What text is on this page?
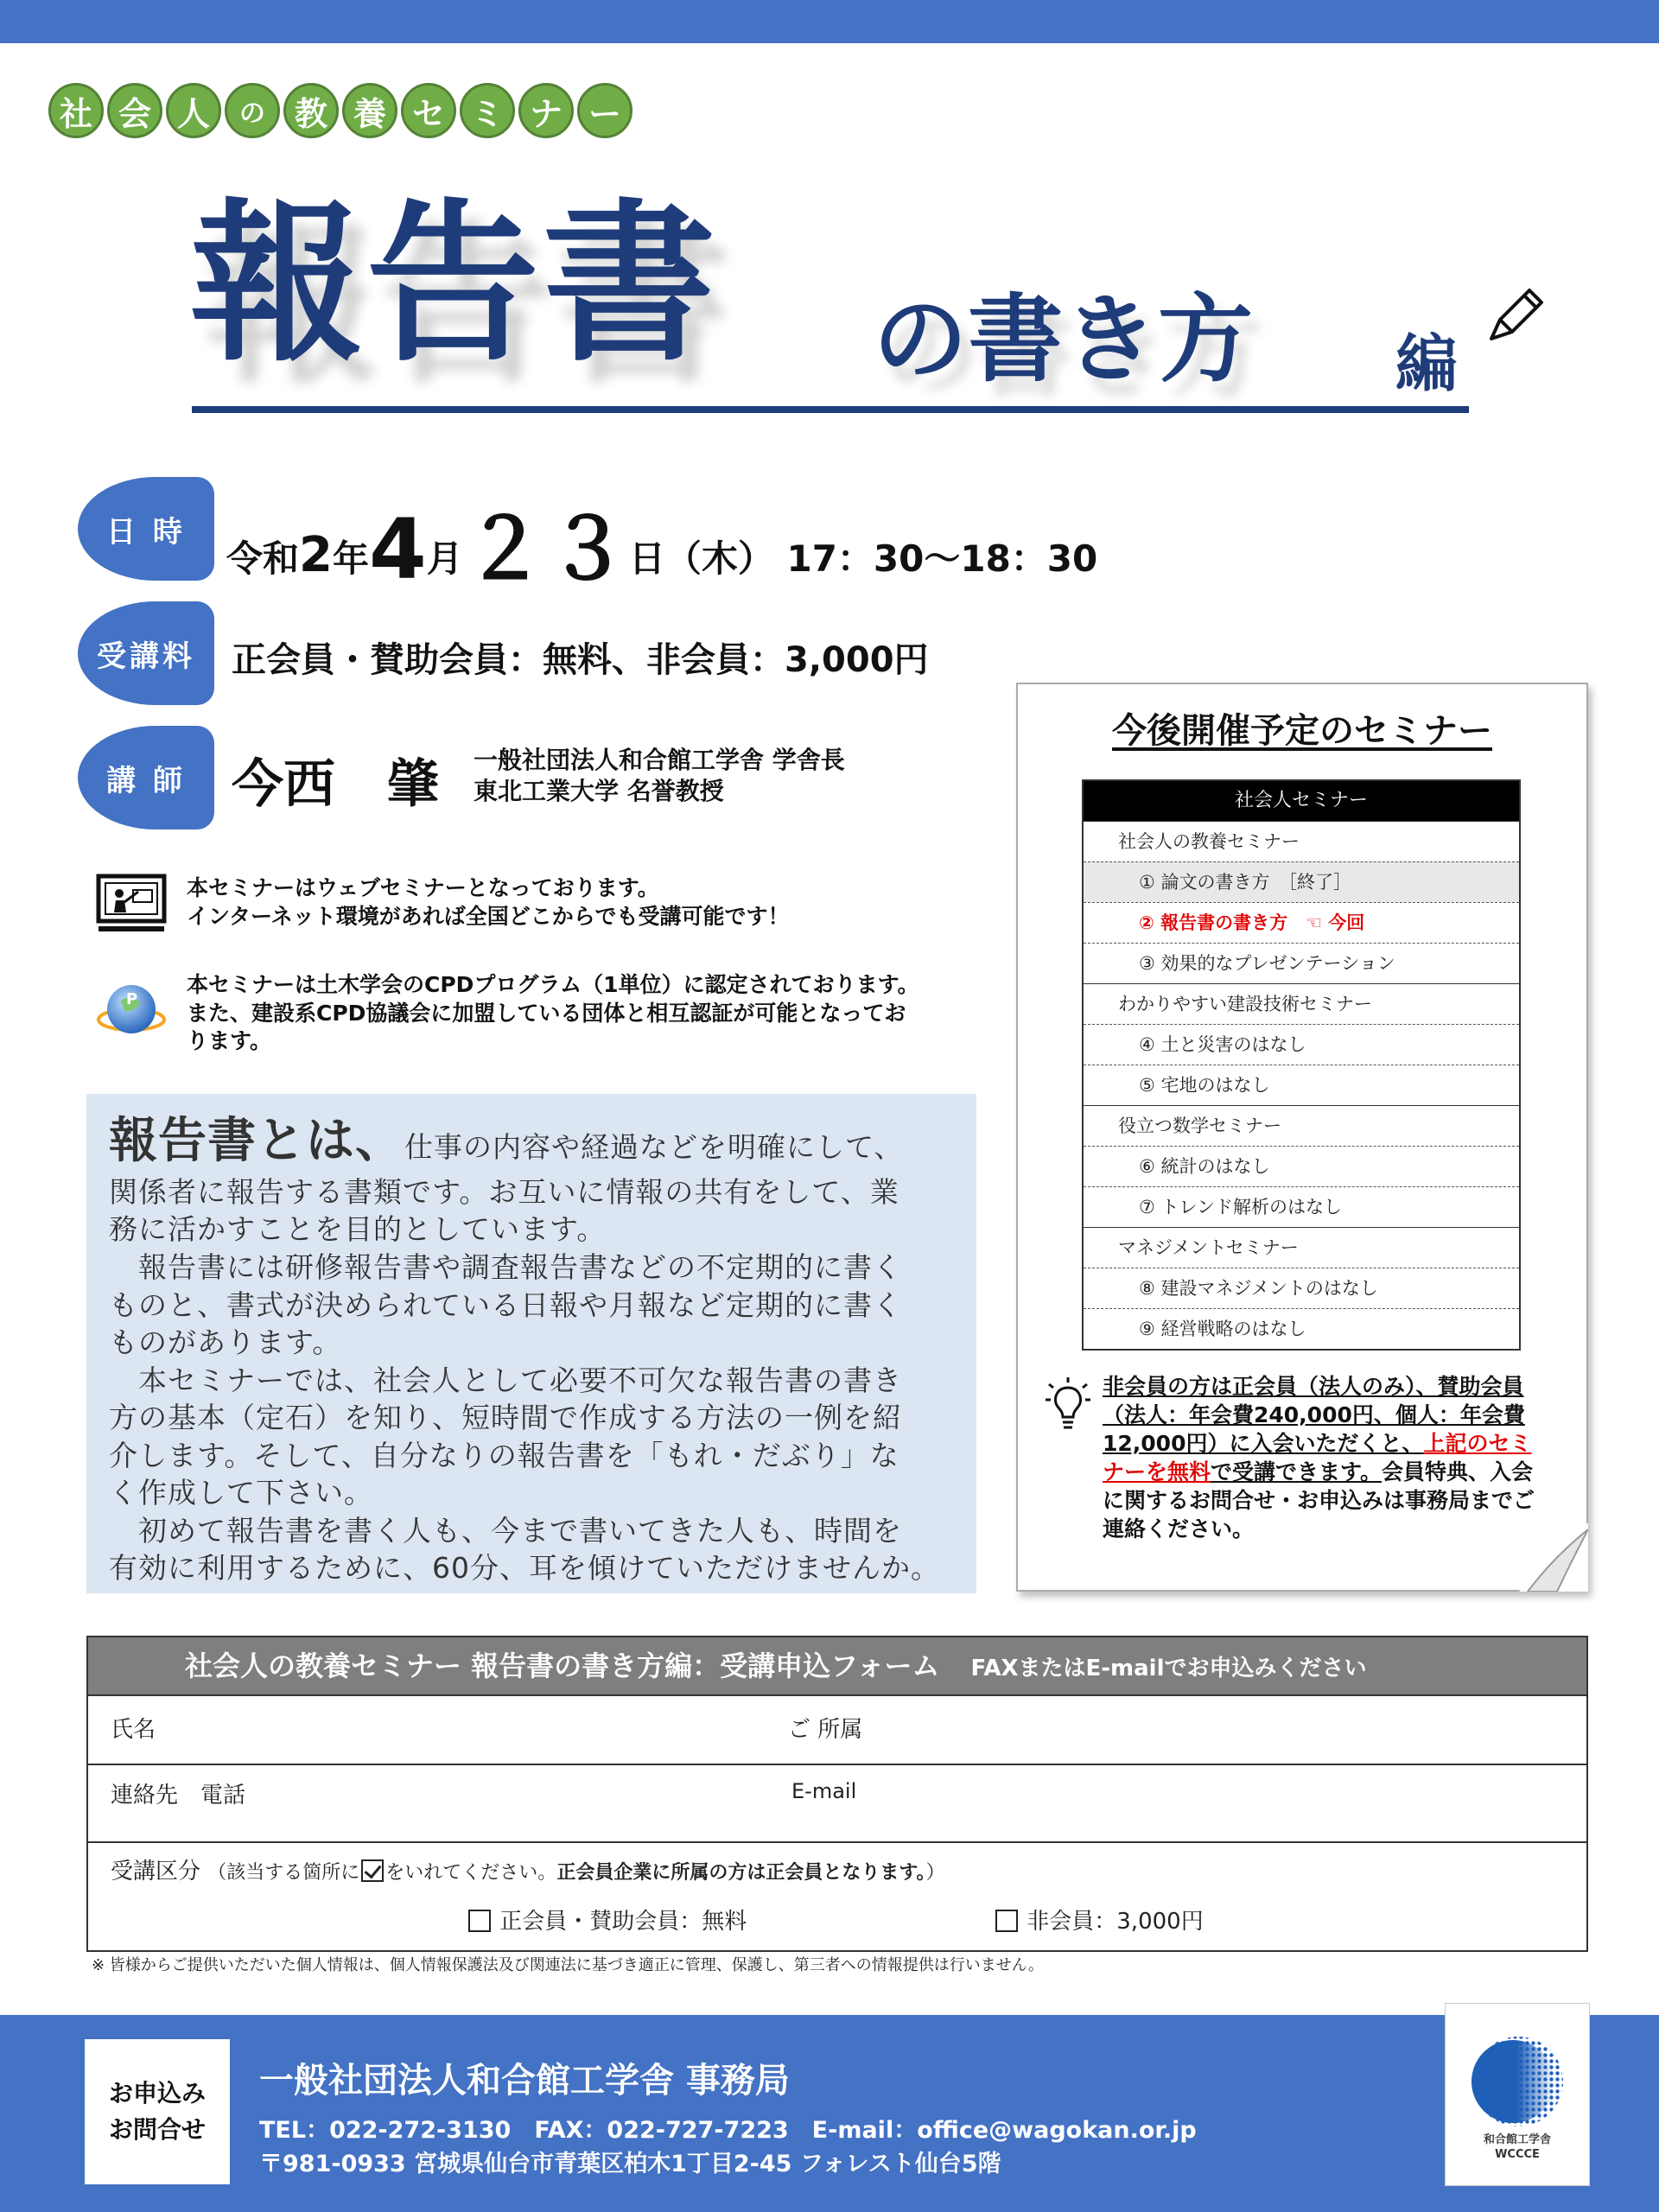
社 会 人	の 教 養 セ ミ ナ ー
報告書 の書き方 編
日 時
令和2年4月２３日（木） 17：30〜18：30
受講料	正会員・賛助会員：無料、非会員：3,000円
講 師 今西　肇 一般社団法人和合館工学舎 学舎長
東北工業大学 名誉教授
本セミナーはウェブセミナーとなっております。
インターネット環境があれば全国どこからでも受講可能です！
P
本セミナーは土木学会のCPDプログラム（1単位）に認定されております。
また、建設系CPD協議会に加盟している団体と相互認証が可能となってお
ります。

報告書とは、仕事の内容や経過などを明確にして、

関係者に報告する書類です。お互いに情報の共有をして、業

務に活かすことを目的としています。

　報告書には研修報告書や調査報告書などの不定期的に書く

ものと、書式が決められている日報や月報など定期的に書く

ものがあります。

　本セミナーでは、社会人として必要不可欠な報告書の書き

方の基本（定石）を知り、短時間で作成する方法の一例を紹

介します。そして、自分なりの報告書を「もれ・だぶり」な

く作成して下さい。

　初めて報告書を書く人も、今まで書いてきた人も、時間を

有効に利用するために、60分、耳を傾けていただけませんか。

今後開催予定のセミナー
社会人セミナー
社会人の教養セミナー
① 論文の書き方　［終了］
② 報告書の書き方　☜ 今回
③ 効果的なプレゼンテーション
わかりやすい建設技術セミナー
④ 土と災害のはなし
⑤ 宅地のはなし
役立つ数学セミナー
⑥ 統計のはなし
⑦ トレンド解析のはなし
マネジメントセミナー
⑧ 建設マネジメントのはなし
⑨ 経営戦略のはなし
非会員の方は正会員（法人のみ）、賛助会員（法人：年会費240,000円、個人：年会費12,000円）に入会いただくと、上記のセミナーを無料で受講できます。会員特典、入会に関するお問合せ・お申込みは事務局までご連絡ください。
社会人の教養セミナー 報告書の書き方編：受講申込フォーム FAXまたはE-mailでお申込みください
氏名	ご 所属
連絡先　電話	E-mail
受講区分 （該当する箇所に をいれてください。正会員企業に所属の方は正会員となります。）
正会員・賛助会員：無料	非会員：3,000円
※ 皆様からご提供いただいた個人情報は、個人情報保護法及び関連法に基づき適正に管理、保護し、第三者への情報提供は行いません。
お申込み
お問合せ
一般社団法人和合館工学舎 事務局
TEL：022-272-3130　FAX：022-727-7223　E-mail：office@wagokan.or.jp
〒981-0933 宮城県仙台市青葉区柏木1丁目2-45 フォレスト仙台5階
和合館工学舎
WCCCE
